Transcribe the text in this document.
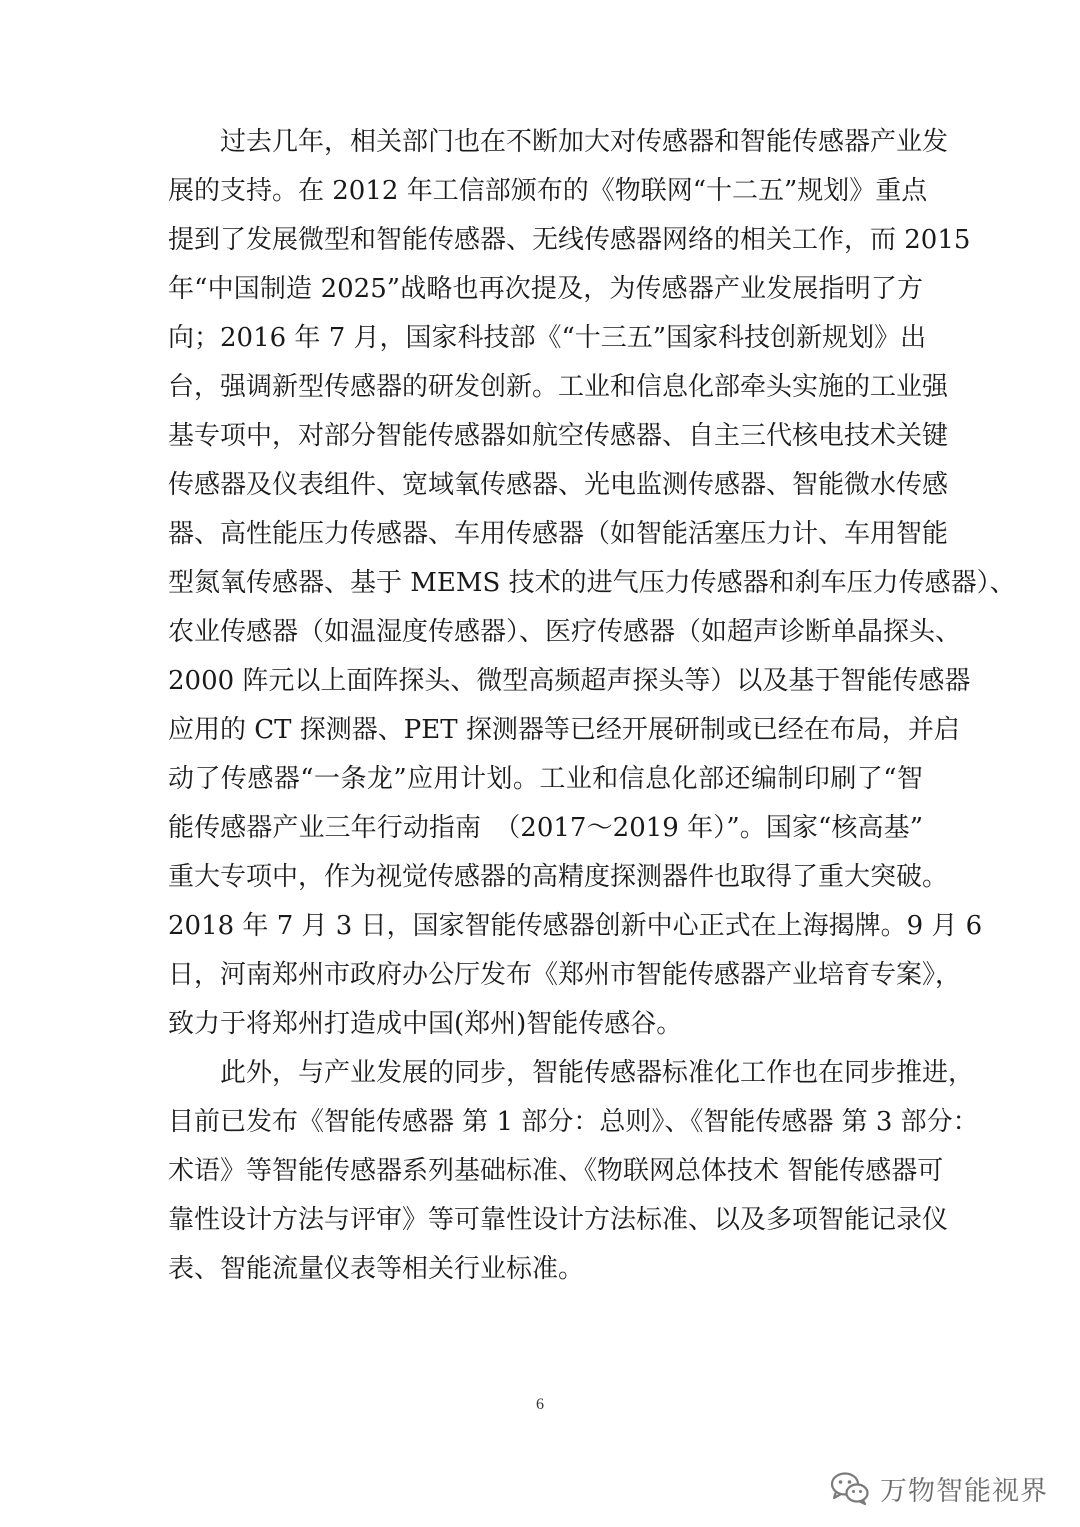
过去几年，相关部门也在不断加大对传感器和智能传感器产业发
展的支持。在 2012 年工信部颁布的《物联网“十二五”规划》重点
提到了发展微型和智能传感器、无线传感器网络的相关工作，而 2015
年“中国制造 2025”战略也再次提及，为传感器产业发展指明了方
向；2016 年 7 月，国家科技部《“十三五”国家科技创新规划》出
台，强调新型传感器的研发创新。工业和信息化部牵头实施的工业强
基专项中，对部分智能传感器如航空传感器、自主三代核电技术关键
传感器及仪表组件、宽域氧传感器、光电监测传感器、智能微水传感
器、高性能压力传感器、车用传感器（如智能活塞压力计、车用智能
型氮氧传感器、基于 MEMS 技术的进气压力传感器和刹车压力传感器）、
农业传感器（如温湿度传感器）、医疗传感器（如超声诊断单晶探头、
2000 阵元以上面阵探头、微型高频超声探头等）以及基于智能传感器
应用的 CT 探测器、PET 探测器等已经开展研制或已经在布局，并启
动了传感器“一条龙”应用计划。工业和信息化部还编制印刷了“智
能传感器产业三年行动指南　（2017～2019 年）”。国家“核高基”
重大专项中，作为视觉传感器的高精度探测器件也取得了重大突破。
2018 年 7 月 3 日，国家智能传感器创新中心正式在上海揭牌。9 月 6
日，河南郑州市政府办公厅发布《郑州市智能传感器产业培育专案》，
致力于将郑州打造成中国(郑州)智能传感谷。
此外，与产业发展的同步，智能传感器标准化工作也在同步推进，
目前已发布《智能传感器 第 1 部分：总则》、《智能传感器 第 3 部分：
术语》等智能传感器系列基础标准、《物联网总体技术 智能传感器可
靠性设计方法与评审》等可靠性设计方法标准、以及多项智能记录仪
表、智能流量仪表等相关行业标准。
6
万物智能视界
